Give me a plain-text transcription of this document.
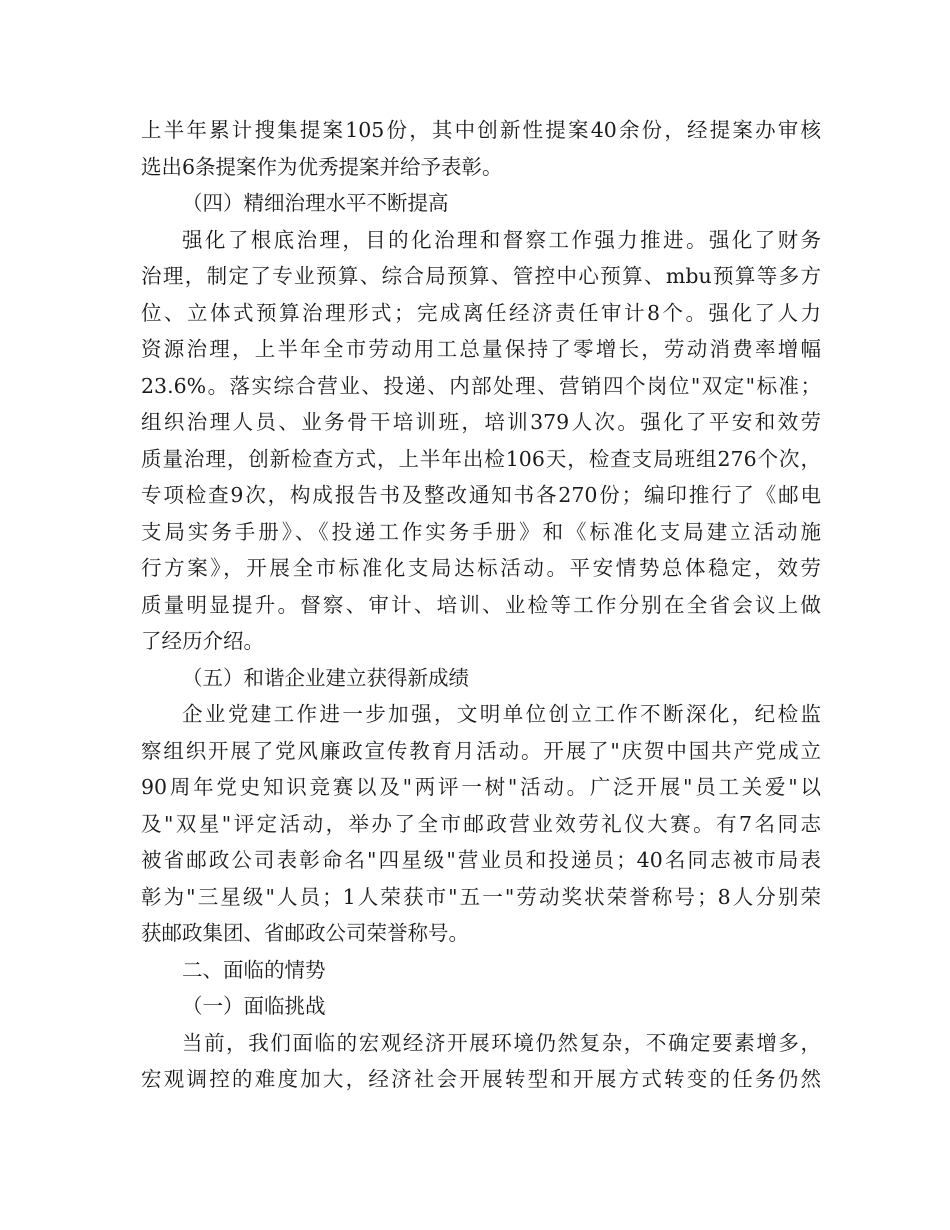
上半年累计搜集提案105份，其中创新性提案40余份，经提案办审核
选出6条提案作为优秀提案并给予表彰。
（四）精细治理水平不断提高
强化了根底治理，目的化治理和督察工作强力推进。强化了财务
治理，制定了专业预算、综合局预算、管控中心预算、mbu预算等多方
位、立体式预算治理形式；完成离任经济责任审计8个。强化了人力
资源治理，上半年全市劳动用工总量保持了零增长，劳动消费率增幅
23.6%。落实综合营业、投递、内部处理、营销四个岗位"双定"标准；
组织治理人员、业务骨干培训班，培训379人次。强化了平安和效劳
质量治理，创新检查方式，上半年出检106天，检查支局班组276个次，
专项检查9次，构成报告书及整改通知书各270份；编印推行了《邮电
支局实务手册》、《投递工作实务手册》和《标准化支局建立活动施
行方案》，开展全市标准化支局达标活动。平安情势总体稳定，效劳
质量明显提升。督察、审计、培训、业检等工作分别在全省会议上做
了经历介绍。
（五）和谐企业建立获得新成绩
企业党建工作进一步加强，文明单位创立工作不断深化，纪检监
察组织开展了党风廉政宣传教育月活动。开展了"庆贺中国共产党成立
90周年党史知识竞赛以及"两评一树"活动。广泛开展"员工关爱"以
及"双星"评定活动，举办了全市邮政营业效劳礼仪大赛。有7名同志
被省邮政公司表彰命名"四星级"营业员和投递员；40名同志被市局表
彰为"三星级"人员；1人荣获市"五一"劳动奖状荣誉称号；8人分别荣
获邮政集团、省邮政公司荣誉称号。
二、面临的情势
（一）面临挑战
当前，我们面临的宏观经济开展环境仍然复杂，不确定要素增多，
宏观调控的难度加大，经济社会开展转型和开展方式转变的任务仍然
